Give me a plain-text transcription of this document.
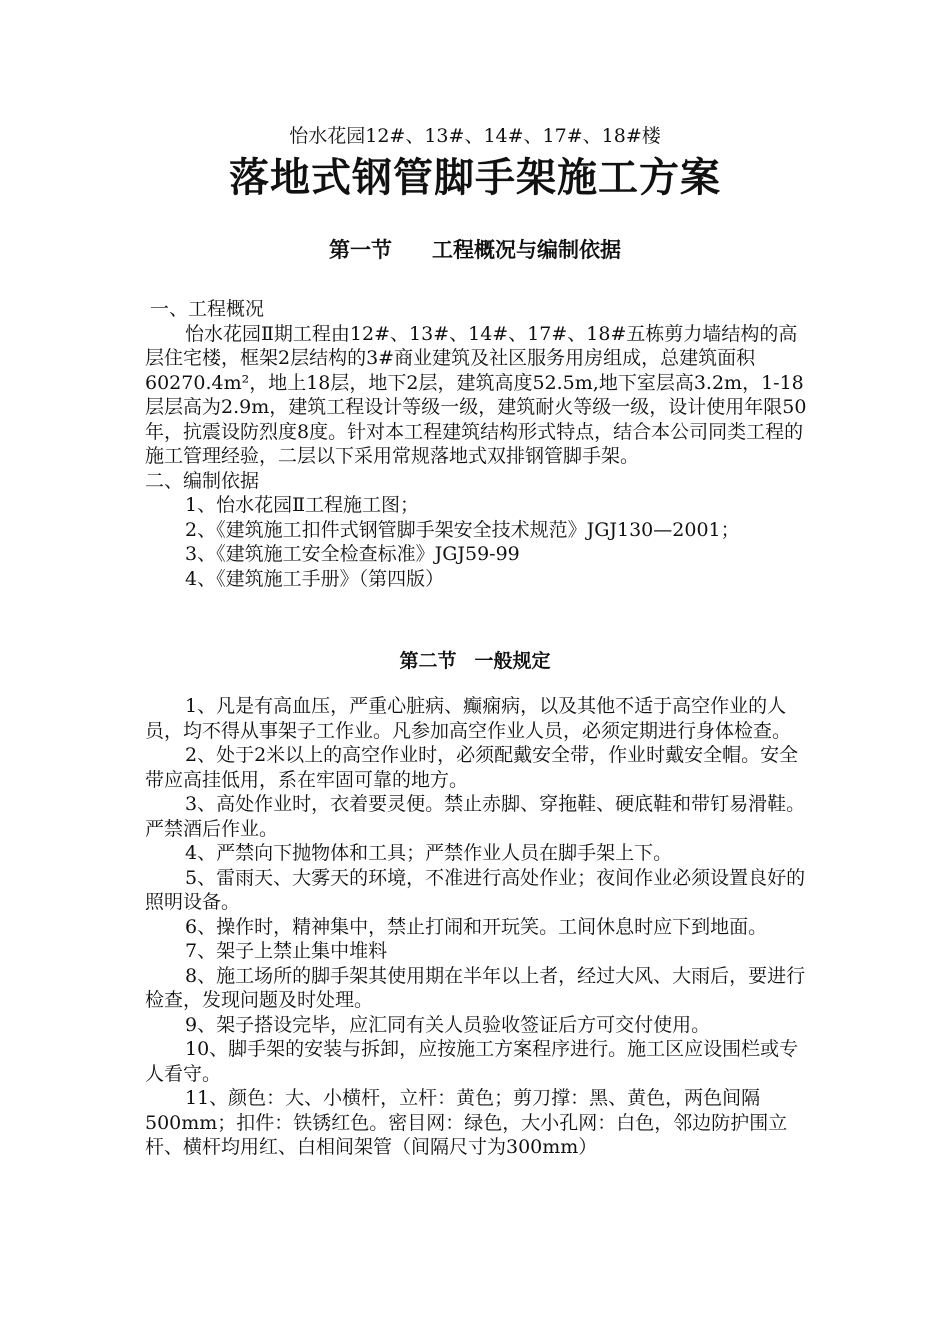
怡水花园12#、13#、14#、17#、18#楼
落地式钢管脚手架施工方案
第一节 工程概况与编制依据

一、工程概况

怡水花园Ⅱ期工程由12#、13#、14#、17#、18#五栋剪力墙结构的高层住宅楼，框架2层结构的3#商业建筑及社区服务用房组成，总建筑面积60270.4m²，地上18层，地下2层，建筑高度52.5m,地下室层高3.2m，1-18层层高为2.9m，建筑工程设计等级一级，建筑耐火等级一级，设计使用年限50年，抗震设防烈度8度。针对本工程建筑结构形式特点，结合本公司同类工程的施工管理经验，二层以下采用常规落地式双排钢管脚手架。

二、编制依据

1、怡水花园Ⅱ工程施工图；

2、《建筑施工扣件式钢管脚手架安全技术规范》JGJ130—2001；

3、《建筑施工安全检查标准》JGJ59-99

4、《建筑施工手册》（第四版）

第二节 一般规定

1、凡是有高血压，严重心脏病、癫痫病，以及其他不适于高空作业的人员，均不得从事架子工作业。凡参加高空作业人员，必须定期进行身体检查。

2、处于2米以上的高空作业时，必须配戴安全带，作业时戴安全帽。安全带应高挂低用，系在牢固可靠的地方。

3、高处作业时，衣着要灵便。禁止赤脚、穿拖鞋、硬底鞋和带钉易滑鞋。严禁酒后作业。

4、严禁向下抛物体和工具；严禁作业人员在脚手架上下。

5、雷雨天、大雾天的环境，不准进行高处作业；夜间作业必须设置良好的照明设备。

6、操作时，精神集中，禁止打闹和开玩笑。工间休息时应下到地面。

7、架子上禁止集中堆料

8、施工场所的脚手架其使用期在半年以上者，经过大风、大雨后，要进行检查，发现问题及时处理。

9、架子搭设完毕，应汇同有关人员验收签证后方可交付使用。

10、脚手架的安装与拆卸，应按施工方案程序进行。施工区应设围栏或专人看守。

11、颜色：大、小横杆，立杆：黄色；剪刀撑：黑、黄色，两色间隔500mm；扣件：铁锈红色。密目网：绿色，大小孔网：白色，邻边防护围立杆、横杆均用红、白相间架管（间隔尺寸为300mm）
